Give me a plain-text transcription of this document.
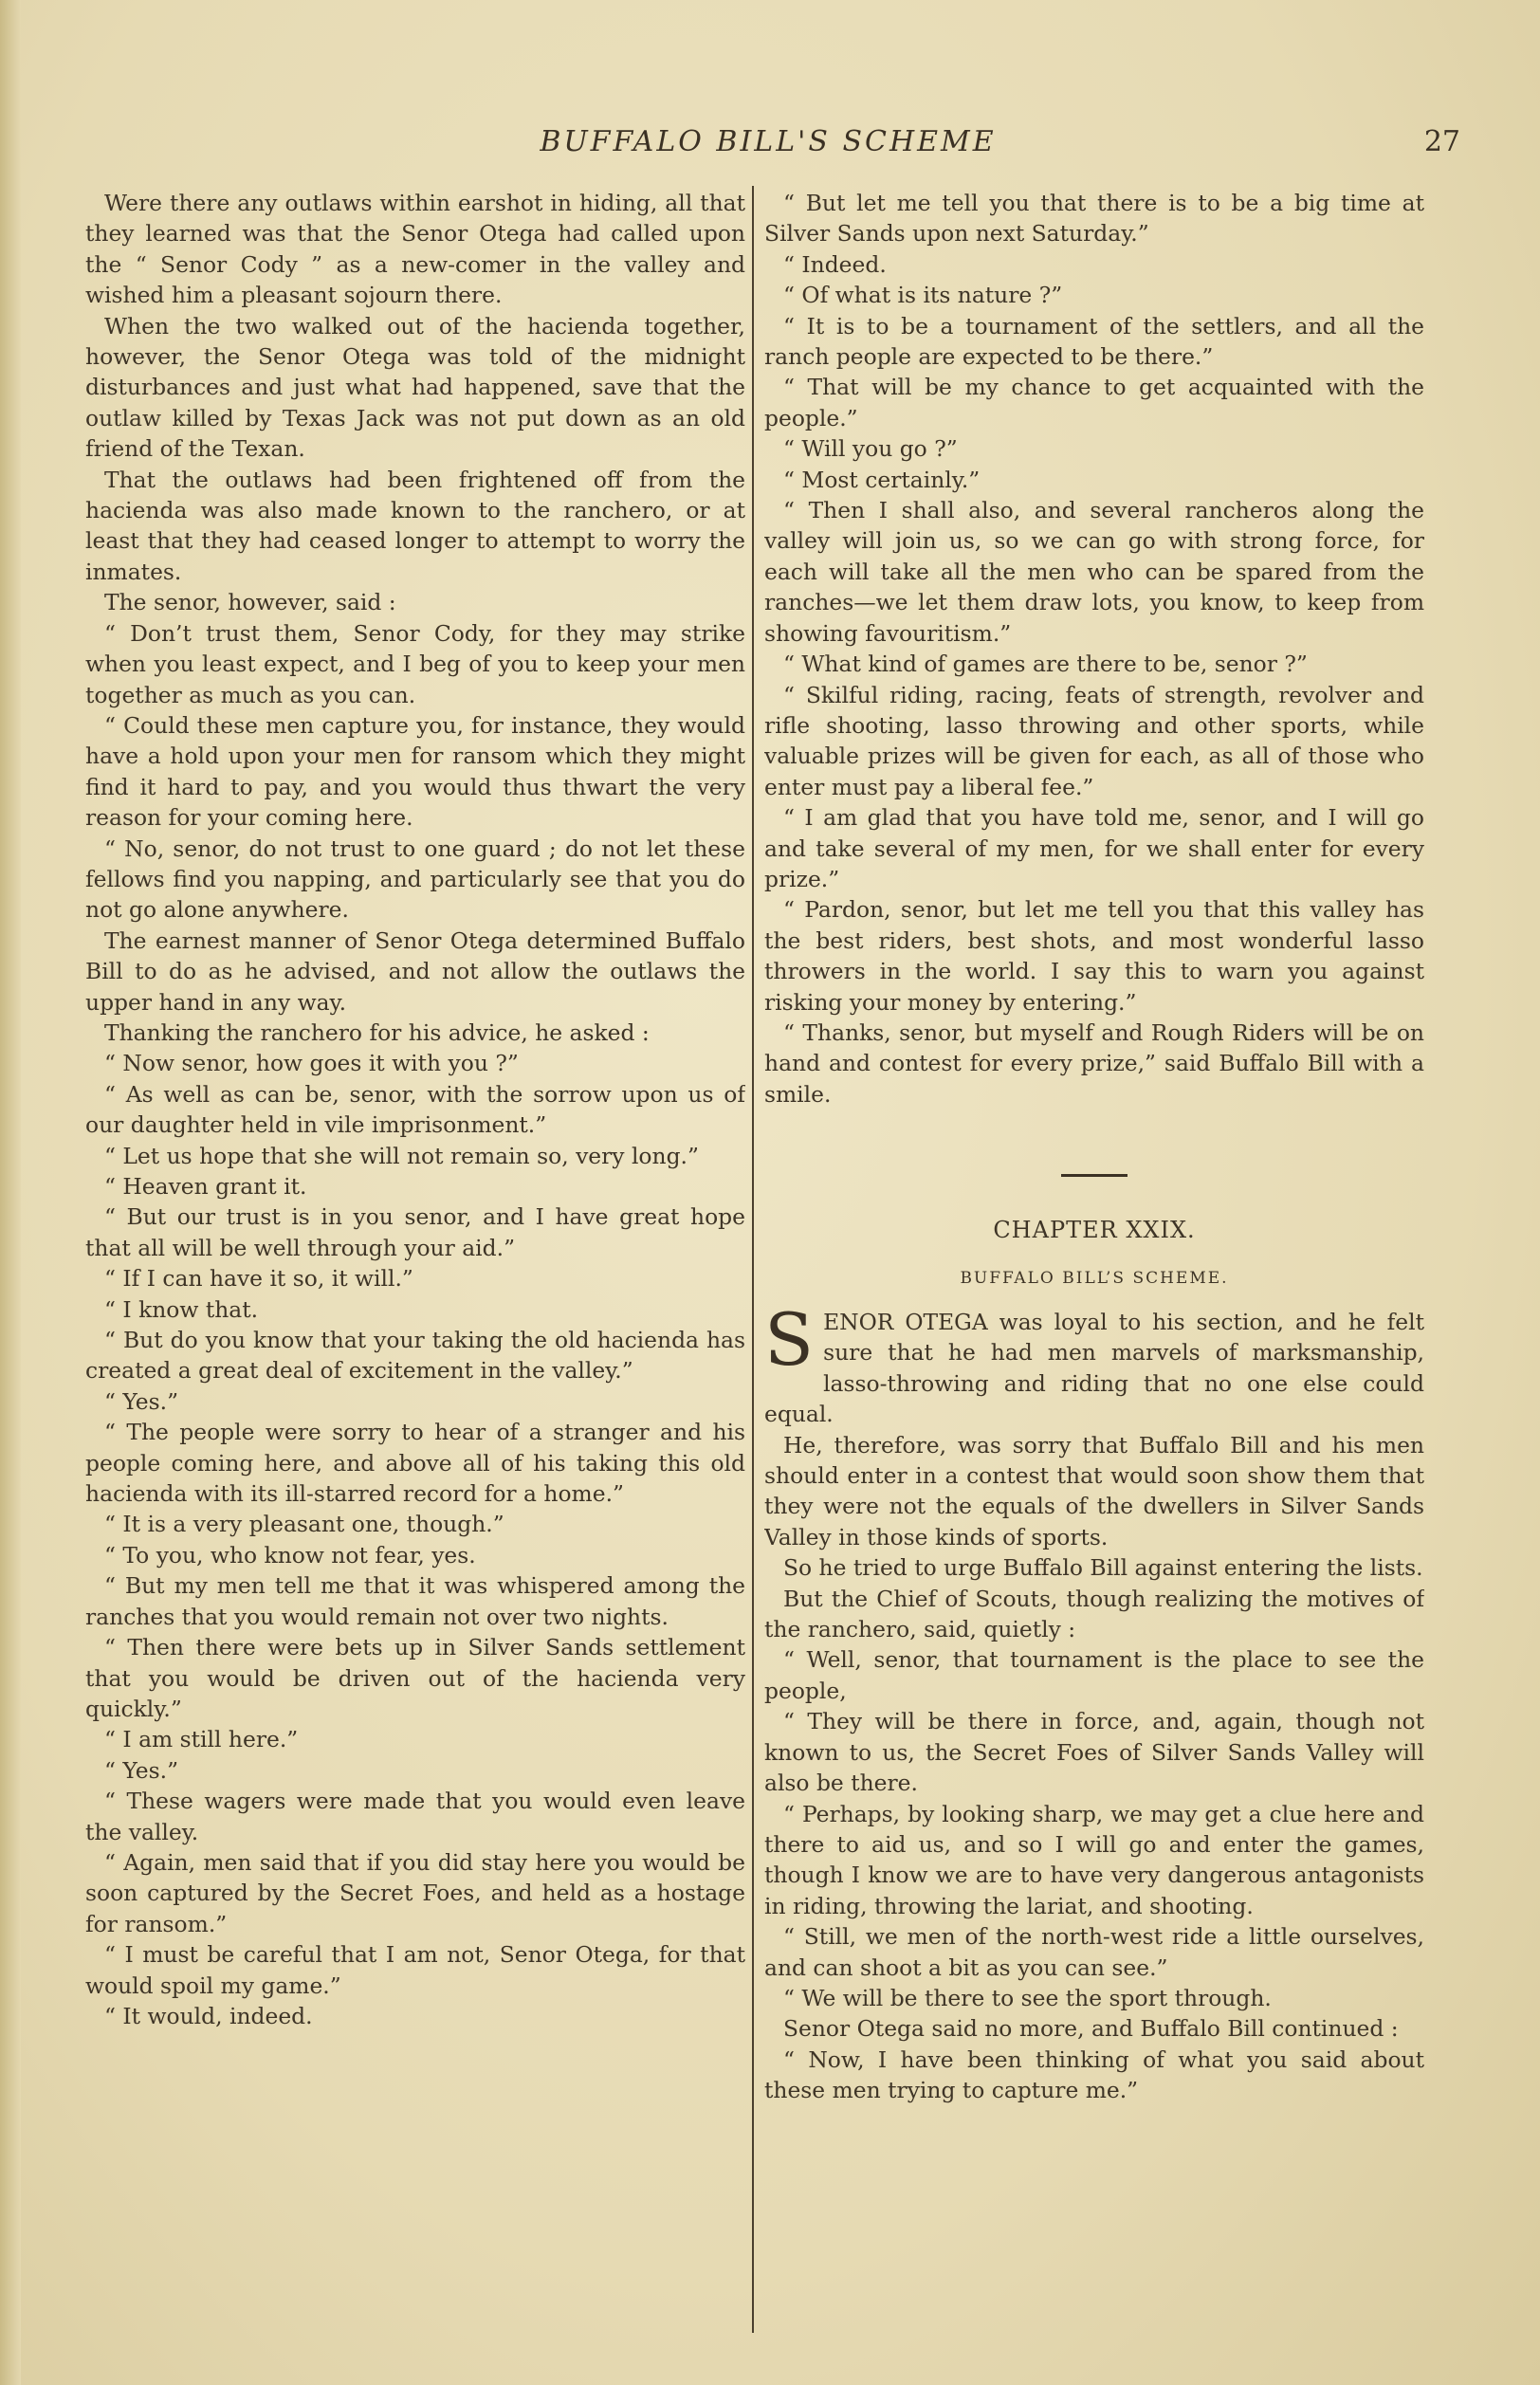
BUFFALO BILL'S SCHEME	27

Were there any outlaws within earshot in hiding, all that they learned was that the Senor Otega had called upon the “ Senor Cody ” as a new-comer in the valley and wished him a pleasant sojourn there.

When the two walked out of the hacienda together, however, the Senor Otega was told of the midnight disturbances and just what had happened, save that the outlaw killed by Texas Jack was not put down as an old friend of the Texan.

That the outlaws had been frightened off from the hacienda was also made known to the ranchero, or at least that they had ceased longer to attempt to worry the inmates.

The senor, however, said :

“ Don’t trust them, Senor Cody, for they may strike when you least expect, and I beg of you to keep your men together as much as you can.

“ Could these men capture you, for instance, they would have a hold upon your men for ransom which they might find it hard to pay, and you would thus thwart the very reason for your coming here.

“ No, senor, do not trust to one guard ; do not let these fellows find you napping, and particularly see that you do not go alone anywhere.

The earnest manner of Senor Otega determined Buffalo Bill to do as he advised, and not allow the outlaws the upper hand in any way.

Thanking the ranchero for his advice, he asked :

“ Now senor, how goes it with you ?”

“ As well as can be, senor, with the sorrow upon us of our daughter held in vile imprisonment.”

“ Let us hope that she will not remain so, very long.”

“ Heaven grant it.

“ But our trust is in you senor, and I have great hope that all will be well through your aid.”

“ If I can have it so, it will.”

“ I know that.

“ But do you know that your taking the old hacienda has created a great deal of excitement in the valley.”

“ Yes.”

“ The people were sorry to hear of a stranger and his people coming here, and above all of his taking this old hacienda with its ill-starred record for a home.”

“ It is a very pleasant one, though.”

“ To you, who know not fear, yes.

“ But my men tell me that it was whispered among the ranches that you would remain not over two nights.

“ Then there were bets up in Silver Sands settlement that you would be driven out of the hacienda very quickly.”

“ I am still here.”

“ Yes.”

“ These wagers were made that you would even leave the valley.

“ Again, men said that if you did stay here you would be soon captured by the Secret Foes, and held as a hostage for ransom.”

“ I must be careful that I am not, Senor Otega, for that would spoil my game.”

“ It would, indeed.

“ But let me tell you that there is to be a big time at Silver Sands upon next Saturday.”

“ Indeed.

“ Of what is its nature ?”

“ It is to be a tournament of the settlers, and all the ranch people are expected to be there.”

“ That will be my chance to get acquainted with the people.”

“ Will you go ?”

“ Most certainly.”

“ Then I shall also, and several rancheros along the valley will join us, so we can go with strong force, for each will take all the men who can be spared from the ranches—we let them draw lots, you know, to keep from showing favouritism.”

“ What kind of games are there to be, senor ?”

“ Skilful riding, racing, feats of strength, revolver and rifle shooting, lasso throwing and other sports, while valuable prizes will be given for each, as all of those who enter must pay a liberal fee.”

“ I am glad that you have told me, senor, and I will go and take several of my men, for we shall enter for every prize.”

“ Pardon, senor, but let me tell you that this valley has the best riders, best shots, and most wonderful lasso throwers in the world. I say this to warn you against risking your money by entering.”

“ Thanks, senor, but myself and Rough Riders will be on hand and contest for every prize,” said Buffalo Bill with a smile.

CHAPTER XXIX.
BUFFALO BILL’S SCHEME.

SENOR OTEGA was loyal to his section, and he felt sure that he had men marvels of marksmanship, lasso-throwing and riding that no one else could equal.

He, therefore, was sorry that Buffalo Bill and his men should enter in a contest that would soon show them that they were not the equals of the dwellers in Silver Sands Valley in those kinds of sports.

So he tried to urge Buffalo Bill against entering the lists.

But the Chief of Scouts, though realizing the motives of the ranchero, said, quietly :

“ Well, senor, that tournament is the place to see the people,

“ They will be there in force, and, again, though not known to us, the Secret Foes of Silver Sands Valley will also be there.

“ Perhaps, by looking sharp, we may get a clue here and there to aid us, and so I will go and enter the games, though I know we are to have very dangerous antagonists in riding, throwing the lariat, and shooting.

“ Still, we men of the north-west ride a little ourselves, and can shoot a bit as you can see.”

“ We will be there to see the sport through.

Senor Otega said no more, and Buffalo Bill continued :

“ Now, I have been thinking of what you said about these men trying to capture me.”
